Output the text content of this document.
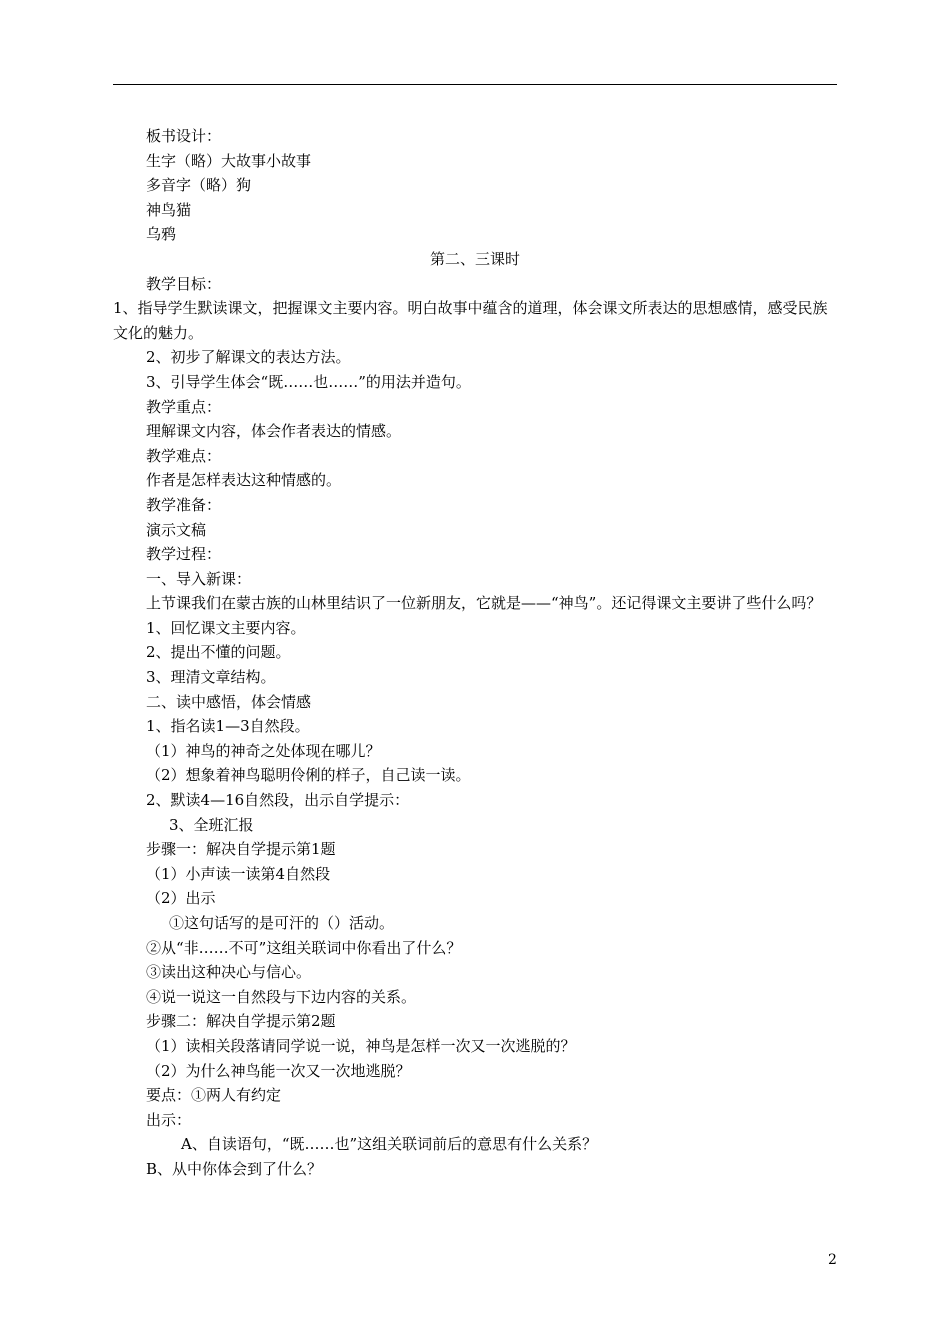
板书设计：
生字（略）大故事小故事
多音字（略）狗
神鸟猫
乌鸦
第二、三课时
教学目标：
1、指导学生默读课文，把握课文主要内容。明白故事中蕴含的道理，体会课文所表达的思想感情，感受民族文化的魅力。
2、初步了解课文的表达方法。
3、引导学生体会“既……也……”的用法并造句。
教学重点：
理解课文内容，体会作者表达的情感。
教学难点：
作者是怎样表达这种情感的。
教学准备：
演示文稿
教学过程：
一、导入新课：
上节课我们在蒙古族的山林里结识了一位新朋友，它就是——“神鸟”。还记得课文主要讲了些什么吗？
1、回忆课文主要内容。
2、提出不懂的问题。
3、理清文章结构。
二、读中感悟，体会情感
1、指名读1—3自然段。
（1）神鸟的神奇之处体现在哪儿？
（2）想象着神鸟聪明伶俐的样子，自己读一读。
2、默读4—16自然段，出示自学提示：
3、全班汇报
步骤一：解决自学提示第1题
（1）小声读一读第4自然段
（2）出示
①这句话写的是可汗的（）活动。
②从“非……不可”这组关联词中你看出了什么？
③读出这种决心与信心。
④说一说这一自然段与下边内容的关系。
步骤二：解决自学提示第2题
（1）读相关段落请同学说一说，神鸟是怎样一次又一次逃脱的？
（2）为什么神鸟能一次又一次地逃脱？
要点：①两人有约定
出示：
A、自读语句，“既……也”这组关联词前后的意思有什么关系？
B、从中你体会到了什么？
2
